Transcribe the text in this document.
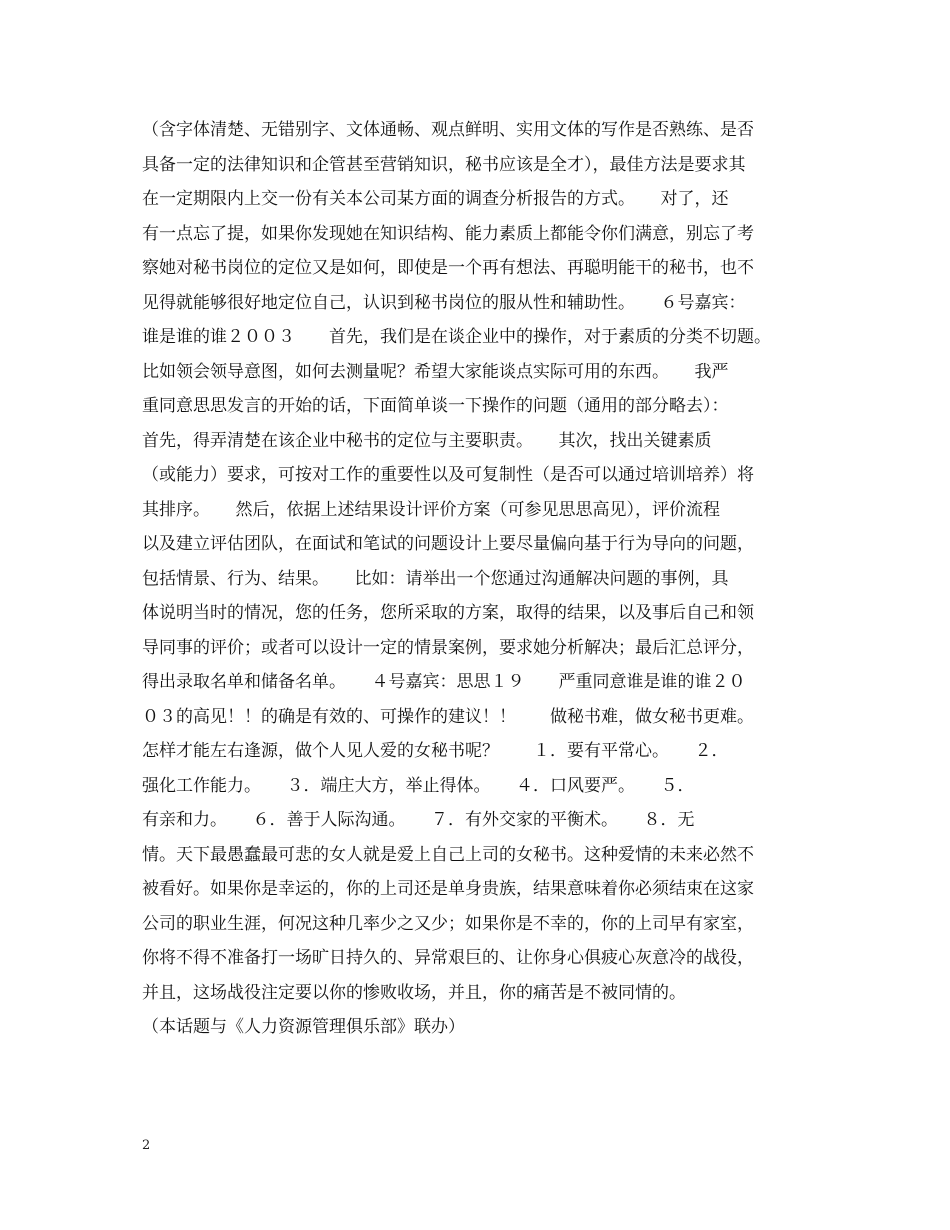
（含字体清楚、无错别字、文体通畅、观点鲜明、实用文体的写作是否熟练、是否
具备一定的法律知识和企管甚至营销知识，秘书应该是全才），最佳方法是要求其
在一定期限内上交一份有关本公司某方面的调查分析报告的方式。　　对了，还
有一点忘了提，如果你发现她在知识结构、能力素质上都能令你们满意，别忘了考
察她对秘书岗位的定位又是如何，即使是一个再有想法、再聪明能干的秘书，也不
见得就能够很好地定位自己，认识到秘书岗位的服从性和辅助性。　　６号嘉宾：
谁是谁的谁２００３　　首先，我们是在谈企业中的操作，对于素质的分类不切题。
比如领会领导意图，如何去测量呢？希望大家能谈点实际可用的东西。　　我严
重同意思思发言的开始的话，下面简单谈一下操作的问题（通用的部分略去）：
首先，得弄清楚在该企业中秘书的定位与主要职责。　　其次，找出关键素质
（或能力）要求，可按对工作的重要性以及可复制性（是否可以通过培训培养）将
其排序。　　然后，依据上述结果设计评价方案（可参见思思高见），评价流程
以及建立评估团队，在面试和笔试的问题设计上要尽量偏向基于行为导向的问题，
包括情景、行为、结果。　　比如：请举出一个您通过沟通解决问题的事例，具
体说明当时的情况，您的任务，您所采取的方案，取得的结果，以及事后自己和领
导同事的评价；或者可以设计一定的情景案例，要求她分析解决；最后汇总评分，
得出录取名单和储备名单。　　４号嘉宾：思思１９　　严重同意谁是谁的谁２０
０３的高见！！的确是有效的、可操作的建议！！　　做秘书难，做女秘书更难。
怎样才能左右逢源，做个人见人爱的女秘书呢？　　１．要有平常心。　　２．
强化工作能力。　　３．端庄大方，举止得体。　　４．口风要严。　　５．
有亲和力。　　６．善于人际沟通。　　７．有外交家的平衡术。　　８．无
情。天下最愚蠢最可悲的女人就是爱上自己上司的女秘书。这种爱情的未来必然不
被看好。如果你是幸运的，你的上司还是单身贵族，结果意味着你必须结束在这家
公司的职业生涯，何况这种几率少之又少；如果你是不幸的，你的上司早有家室，
你将不得不准备打一场旷日持久的、异常艰巨的、让你身心俱疲心灰意冷的战役，
并且，这场战役注定要以你的惨败收场，并且，你的痛苦是不被同情的。
（本话题与《人力资源管理俱乐部》联办）
2
